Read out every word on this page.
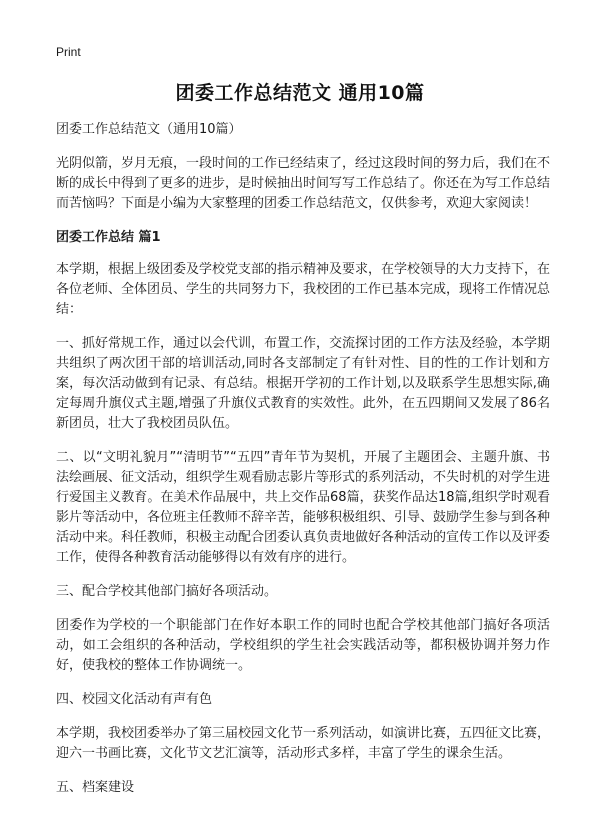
Print
团委工作总结范文 通用10篇

团委工作总结范文（通用10篇）

光阴似箭，岁月无痕，一段时间的工作已经结束了，经过这段时间的努力后，我们在不断的成长中得到了更多的进步，是时候抽出时间写写工作总结了。你还在为写工作总结而苦恼吗？下面是小编为大家整理的团委工作总结范文，仅供参考，欢迎大家阅读！

团委工作总结 篇1

本学期，根据上级团委及学校党支部的指示精神及要求，在学校领导的大力支持下，在各位老师、全体团员、学生的共同努力下，我校团的工作已基本完成，现将工作情况总结：

一、抓好常规工作，通过以会代训，布置工作，交流探讨团的工作方法及经验，本学期共组织了两次团干部的培训活动,同时各支部制定了有针对性、目的性的工作计划和方案，每次活动做到有记录、有总结。根据开学初的工作计划,以及联系学生思想实际,确定每周升旗仪式主题,增强了升旗仪式教育的实效性。此外，在五四期间又发展了86名新团员，壮大了我校团员队伍。

二、以“文明礼貌月”“清明节”“五四”青年节为契机，开展了主题团会、主题升旗、书法绘画展、征文活动，组织学生观看励志影片等形式的系列活动，不失时机的对学生进行爱国主义教育。在美术作品展中，共上交作品68篇，获奖作品达18篇,组织学时观看影片等活动中，各位班主任教师不辞辛苦，能够积极组织、引导、鼓励学生参与到各种活动中来。科任教师，积极主动配合团委认真负责地做好各种活动的宣传工作以及评委工作，使得各种教育活动能够得以有效有序的进行。

三、配合学校其他部门搞好各项活动。

团委作为学校的一个职能部门在作好本职工作的同时也配合学校其他部门搞好各项活动，如工会组织的各种活动，学校组织的学生社会实践活动等，都积极协调并努力作好，使我校的整体工作协调统一。

四、校园文化活动有声有色

本学期，我校团委举办了第三届校园文化节一系列活动，如演讲比赛，五四征文比赛，迎六一书画比赛，文化节文艺汇演等，活动形式多样，丰富了学生的课余生活。

五、档案建设
